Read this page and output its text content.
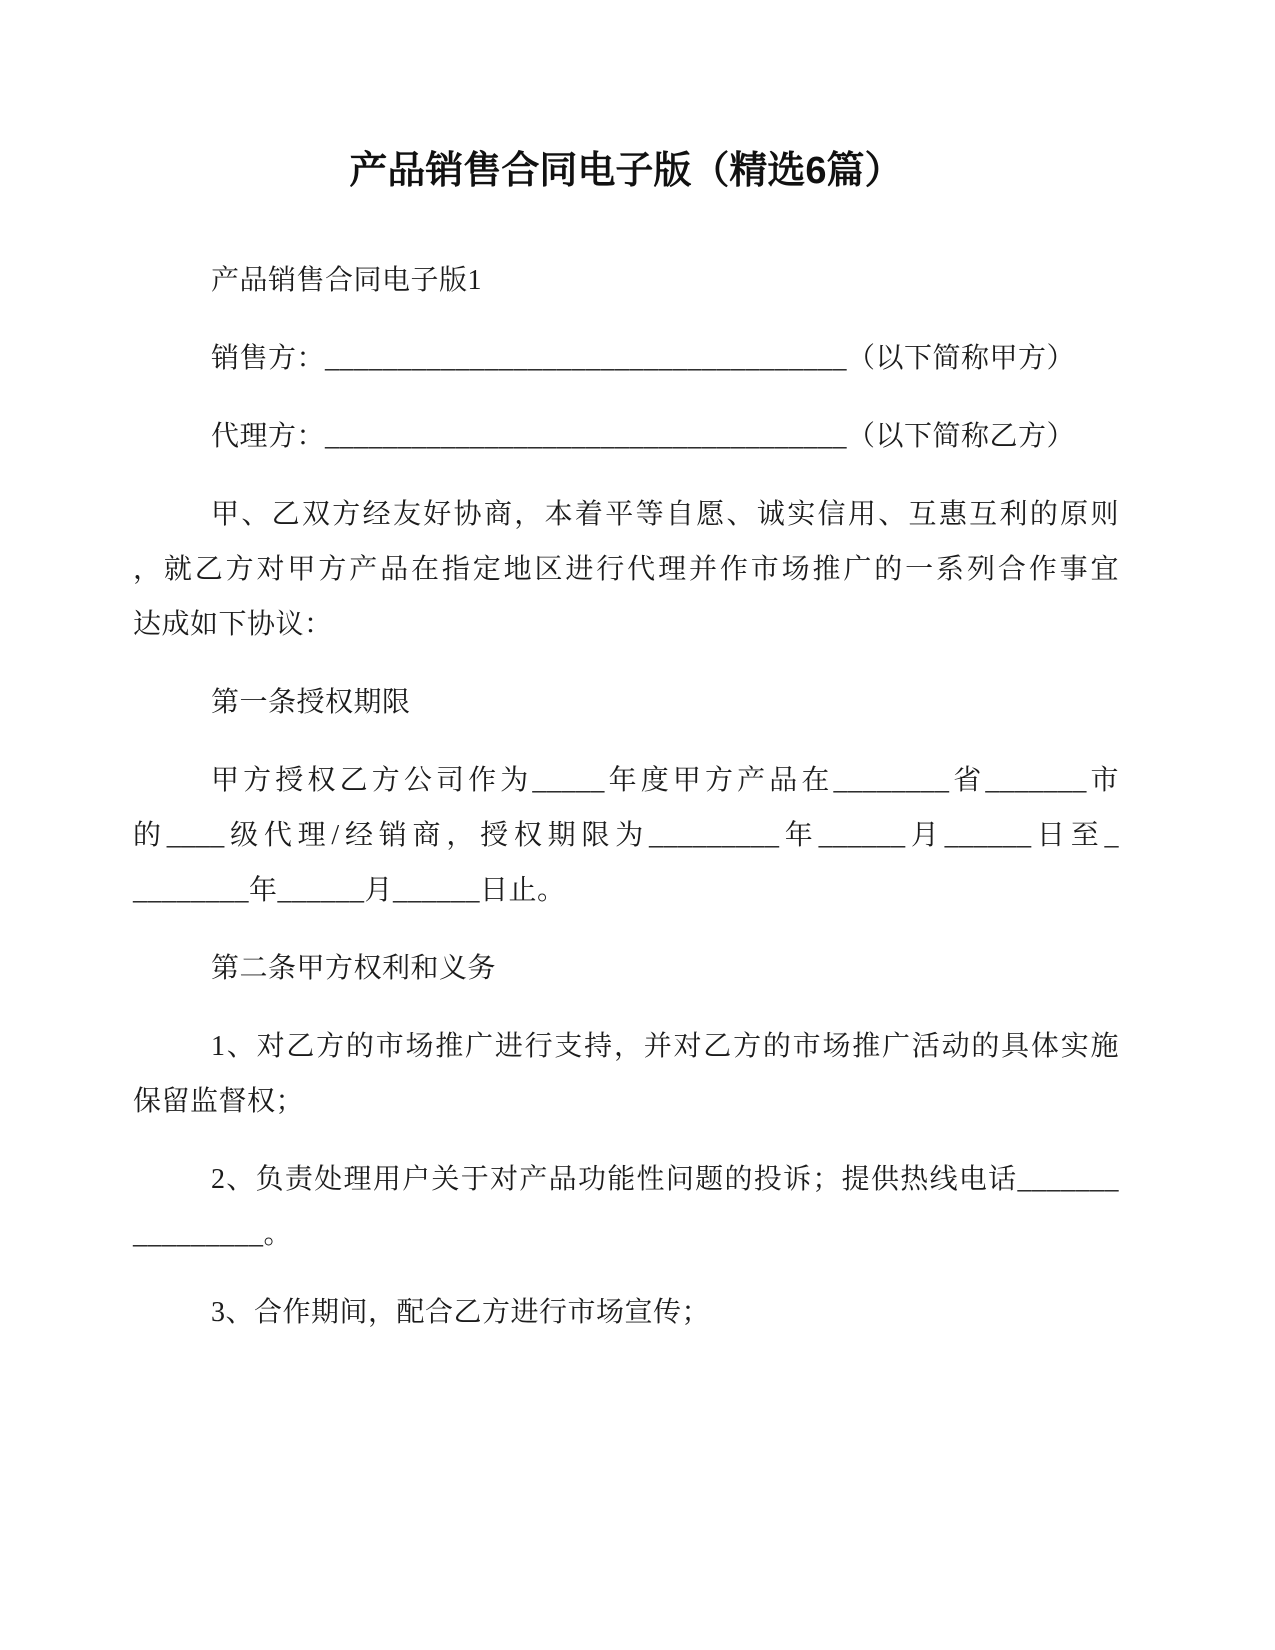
产品销售合同电子版（精选6篇）
产品销售合同电子版1
销售方：____________________________________（以下简称甲方）
代理方：____________________________________（以下简称乙方）
甲、乙双方经友好协商，本着平等自愿、诚实信用、互惠互利的原则
，就乙方对甲方产品在指定地区进行代理并作市场推广的一系列合作事宜
达成如下协议：
第一条授权期限
甲方授权乙方公司作为_____年度甲方产品在________省_______市
的____级代理/经销商，授权期限为_________年______月______日至_
________年______月______日止。
第二条甲方权利和义务
1、对乙方的市场推广进行支持，并对乙方的市场推广活动的具体实施
保留监督权；
2、负责处理用户关于对产品功能性问题的投诉；提供热线电话_______
_________。
3、合作期间，配合乙方进行市场宣传；
